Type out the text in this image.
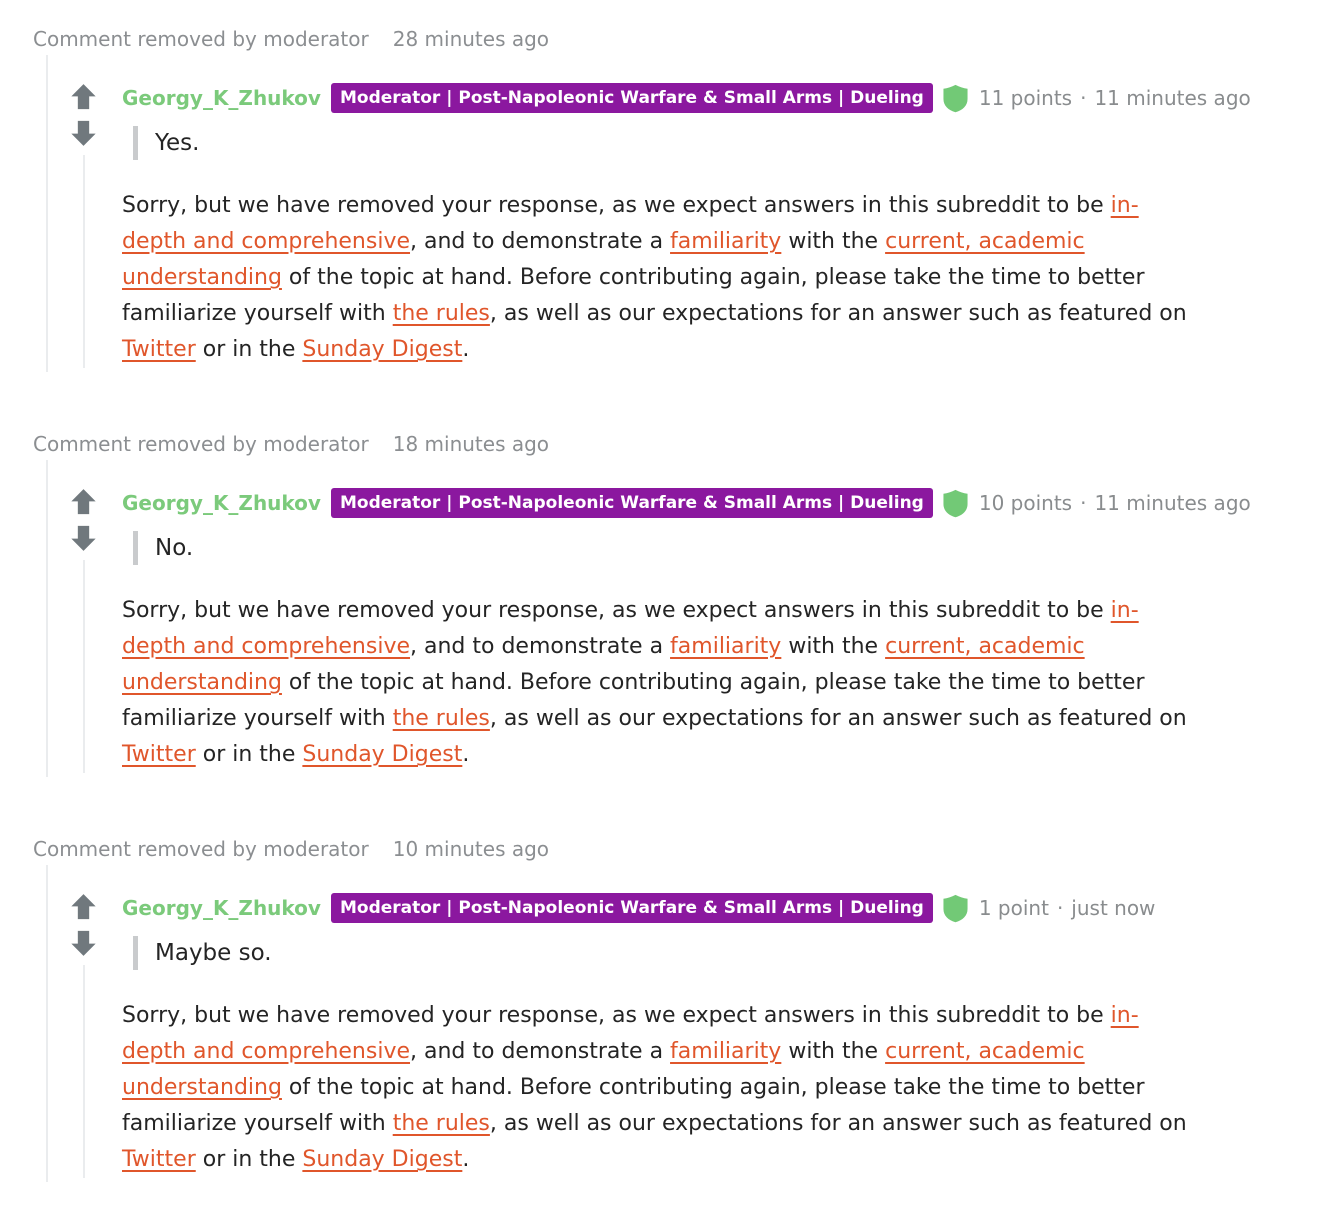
Comment removed by moderator 28 minutes ago
Georgy_K_Zhukov	Moderator | Post-Napoleonic Warfare & Small Arms | Dueling	11 points · 11 minutes ago
Yes.
Sorry, but we have removed your response, as we expect answers in this subreddit to be in-
depth and comprehensive, and to demonstrate a familiarity with the current, academic
understanding of the topic at hand. Before contributing again, please take the time to better
familiarize yourself with the rules, as well as our expectations for an answer such as featured on
Twitter or in the Sunday Digest.
Comment removed by moderator 18 minutes ago
Georgy_K_Zhukov	Moderator | Post-Napoleonic Warfare & Small Arms | Dueling	10 points · 11 minutes ago
No.
Sorry, but we have removed your response, as we expect answers in this subreddit to be in-
depth and comprehensive, and to demonstrate a familiarity with the current, academic
understanding of the topic at hand. Before contributing again, please take the time to better
familiarize yourself with the rules, as well as our expectations for an answer such as featured on
Twitter or in the Sunday Digest.
Comment removed by moderator 10 minutes ago
Georgy_K_Zhukov	Moderator | Post-Napoleonic Warfare & Small Arms | Dueling	1 point · just now
Maybe so.
Sorry, but we have removed your response, as we expect answers in this subreddit to be in-
depth and comprehensive, and to demonstrate a familiarity with the current, academic
understanding of the topic at hand. Before contributing again, please take the time to better
familiarize yourself with the rules, as well as our expectations for an answer such as featured on
Twitter or in the Sunday Digest.
